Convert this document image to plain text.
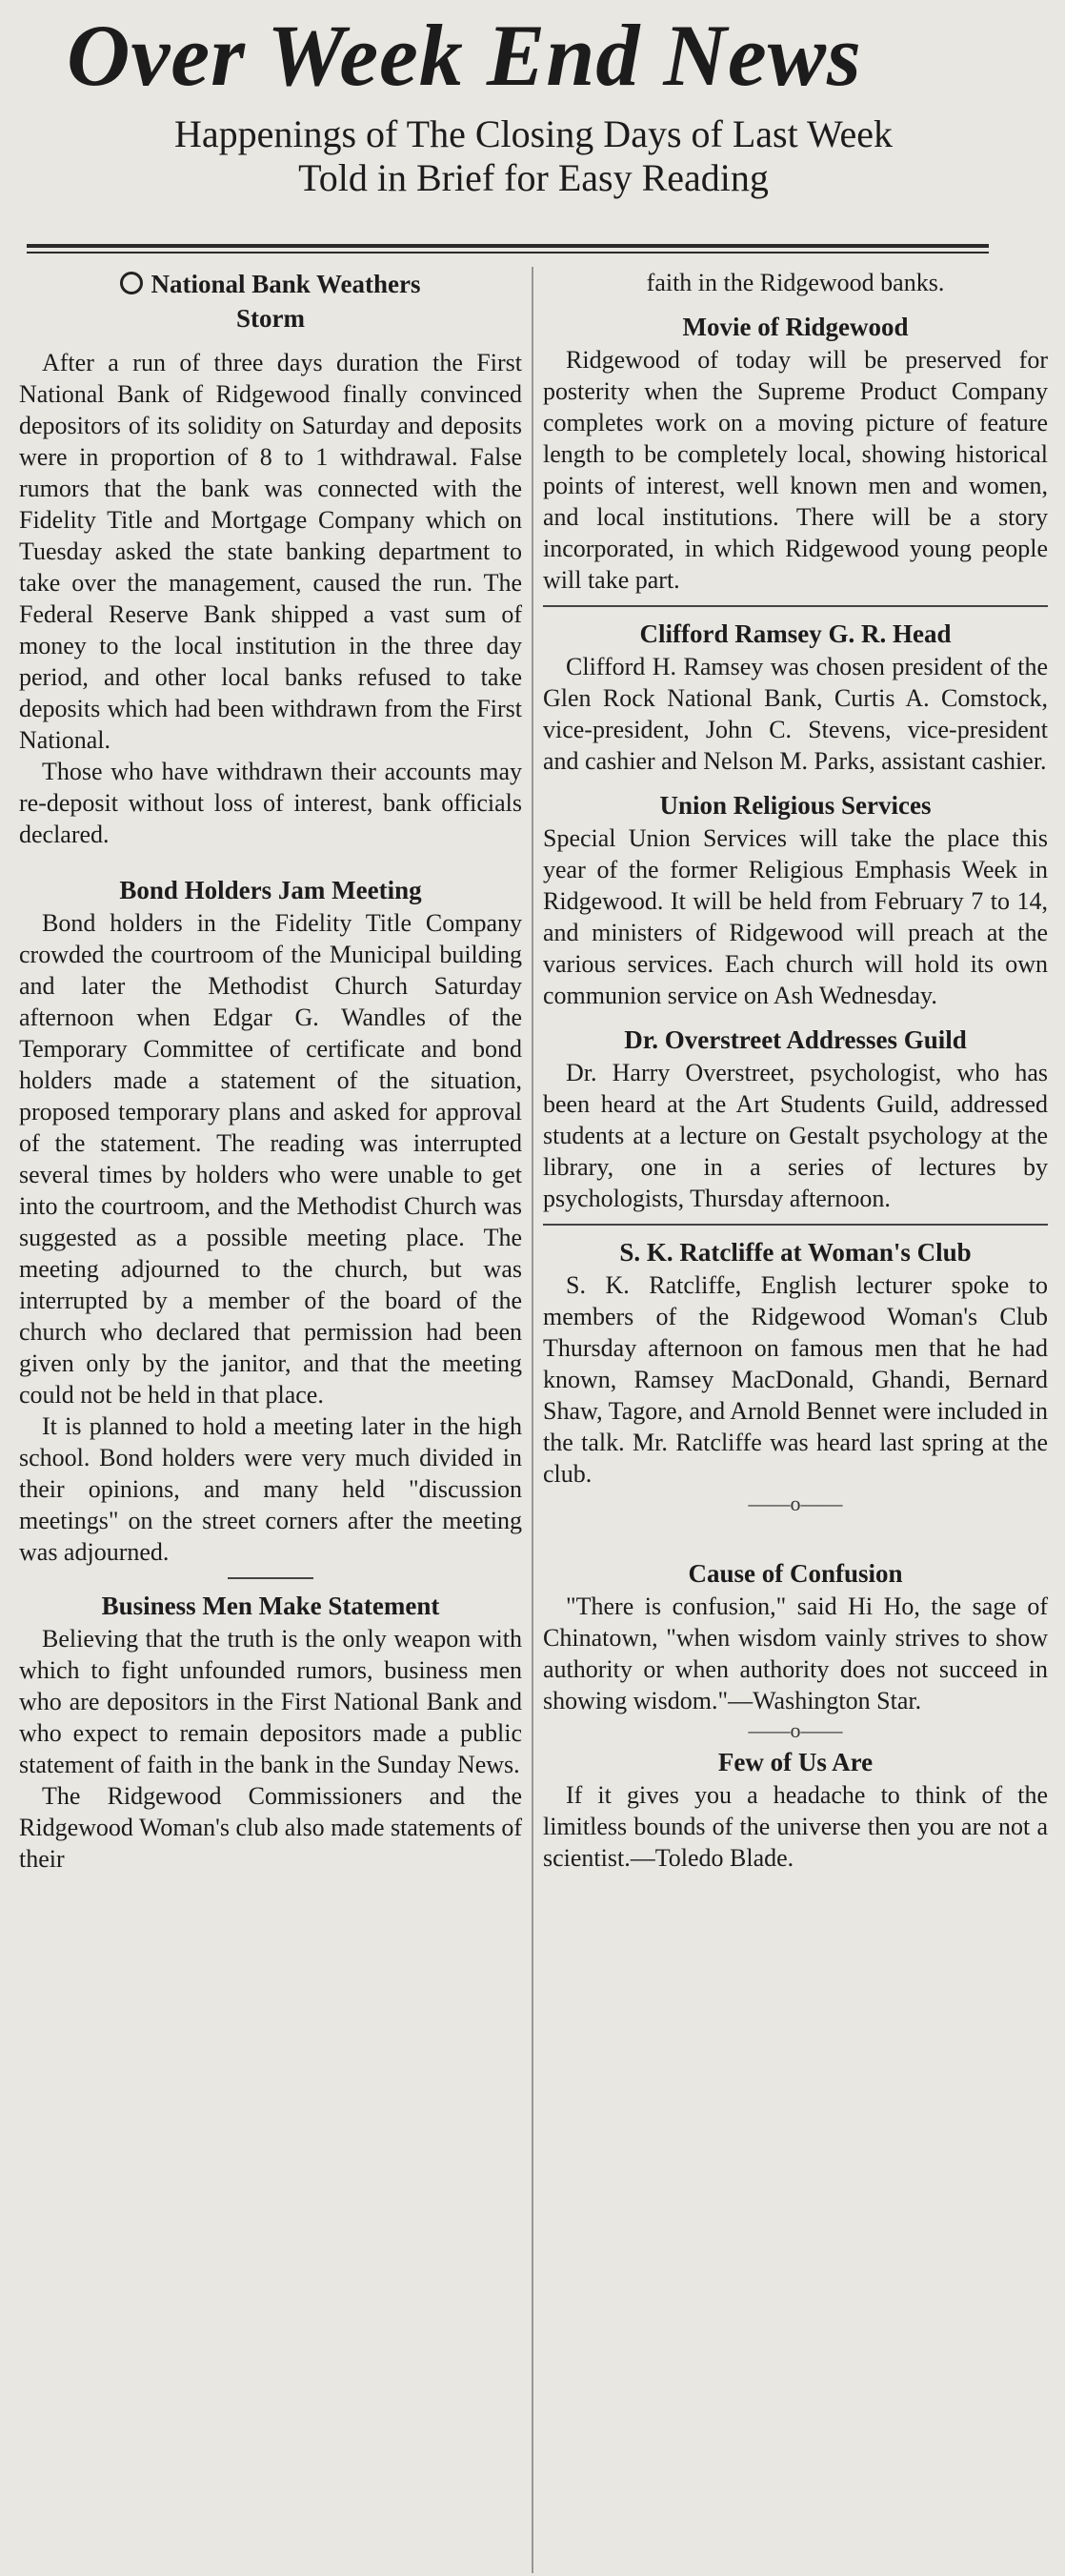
Over Week End News
Happenings of The Closing Days of Last Week
Told in Brief for Easy Reading
National Bank Weathers
Storm

After a run of three days duration the First National Bank of Ridgewood finally convinced depositors of its solidity on Saturday and deposits were in proportion of 8 to 1 withdrawal. False rumors that the bank was connected with the Fidelity Title and Mortgage Company which on Tuesday asked the state banking department to take over the management, caused the run. The Federal Reserve Bank shipped a vast sum of money to the local institution in the three day period, and other local banks refused to take deposits which had been withdrawn from the First National.

Those who have withdrawn their accounts may re-deposit without loss of interest, bank officials declared.

Bond Holders Jam Meeting

Bond holders in the Fidelity Title Company crowded the courtroom of the Municipal building and later the Methodist Church Saturday afternoon when Edgar G. Wandles of the Temporary Committee of certificate and bond holders made a statement of the situation, proposed temporary plans and asked for approval of the statement. The reading was interrupted several times by holders who were unable to get into the courtroom, and the Methodist Church was suggested as a possible meeting place. The meeting adjourned to the church, but was interrupted by a member of the board of the church who declared that permission had been given only by the janitor, and that the meeting could not be held in that place.

It is planned to hold a meeting later in the high school. Bond holders were very much divided in their opinions, and many held "discussion meetings" on the street corners after the meeting was adjourned.

Business Men Make Statement

Believing that the truth is the only weapon with which to fight unfounded rumors, business men who are depositors in the First National Bank and who expect to remain depositors made a public statement of faith in the bank in the Sunday News.

The Ridgewood Commissioners and the Ridgewood Woman's club also made statements of their

faith in the Ridgewood banks.

Movie of Ridgewood

Ridgewood of today will be preserved for posterity when the Supreme Product Company completes work on a moving picture of feature length to be completely local, showing historical points of interest, well known men and women, and local institutions. There will be a story incorporated, in which Ridgewood young people will take part.

Clifford Ramsey G. R. Head

Clifford H. Ramsey was chosen president of the Glen Rock National Bank, Curtis A. Comstock, vice-president, John C. Stevens, vice-president and cashier and Nelson M. Parks, assistant cashier.

Union Religious Services

Special Union Services will take the place this year of the former Religious Emphasis Week in Ridgewood. It will be held from February 7 to 14, and ministers of Ridgewood will preach at the various services. Each church will hold its own communion service on Ash Wednesday.

Dr. Overstreet Addresses Guild

Dr. Harry Overstreet, psychologist, who has been heard at the Art Students Guild, addressed students at a lecture on Gestalt psychology at the library, one in a series of lectures by psychologists, Thursday afternoon.

S. K. Ratcliffe at Woman's Club

S. K. Ratcliffe, English lecturer spoke to members of the Ridgewood Woman's Club Thursday afternoon on famous men that he had known, Ramsey MacDonald, Ghandi, Bernard Shaw, Tagore, and Arnold Bennet were included in the talk. Mr. Ratcliffe was heard last spring at the club.

——o——
Cause of Confusion

"There is confusion," said Hi Ho, the sage of Chinatown, "when wisdom vainly strives to show authority or when authority does not succeed in showing wisdom."—Washington Star.

——o——
Few of Us Are

If it gives you a headache to think of the limitless bounds of the universe then you are not a scientist.—Toledo Blade.
